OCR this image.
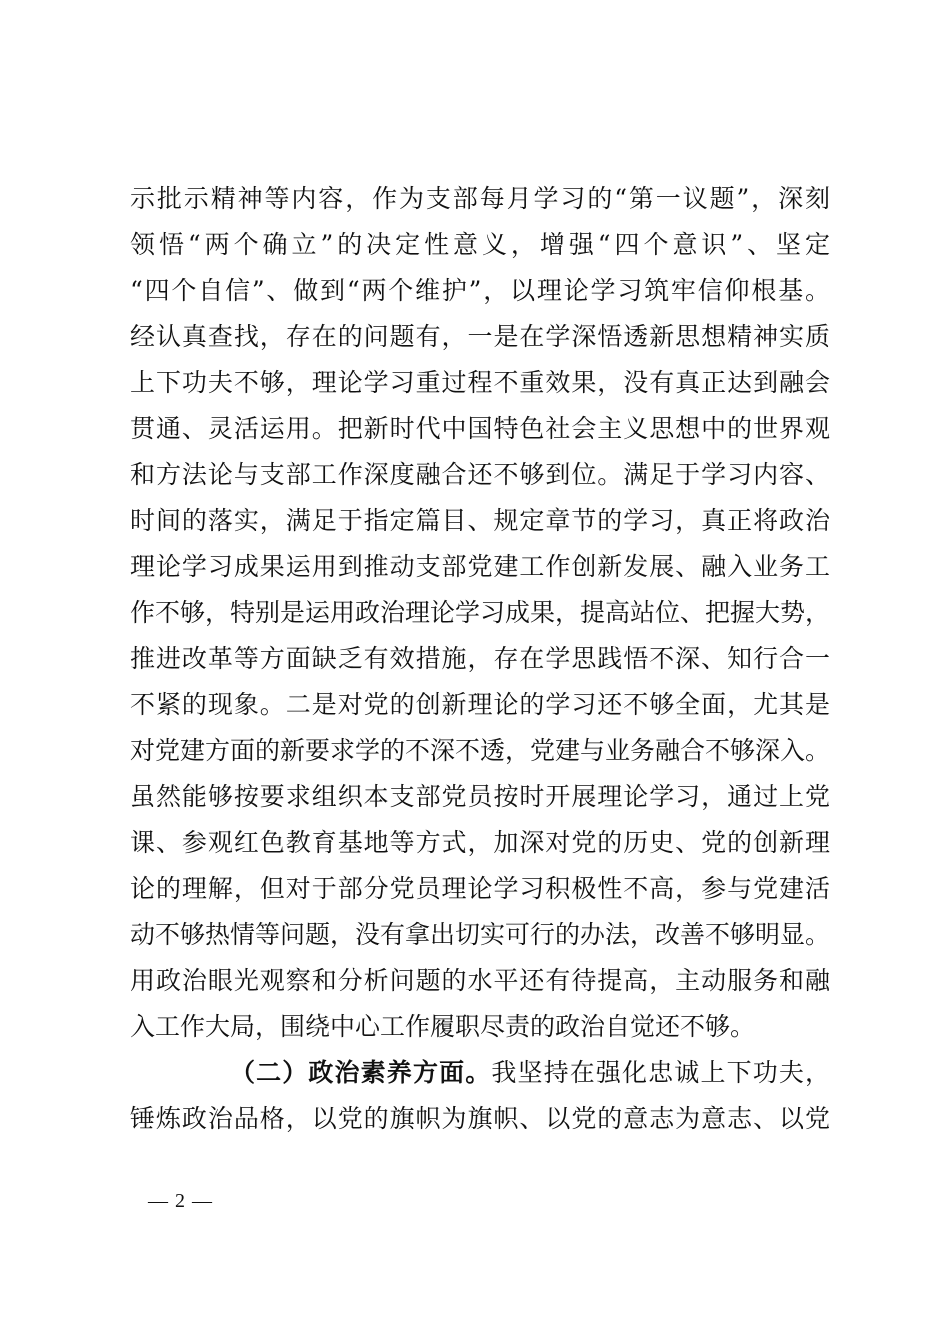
示批示精神等内容，作为支部每月学习的“第一议题”，深刻
领悟“两个确立”的决定性意义，增强“四个意识”、坚定
“四个自信”、做到“两个维护”，以理论学习筑牢信仰根基。
经认真查找，存在的问题有，一是在学深悟透新思想精神实质
上下功夫不够，理论学习重过程不重效果，没有真正达到融会
贯通、灵活运用。把新时代中国特色社会主义思想中的世界观
和方法论与支部工作深度融合还不够到位。满足于学习内容、
时间的落实，满足于指定篇目、规定章节的学习，真正将政治
理论学习成果运用到推动支部党建工作创新发展、融入业务工
作不够，特别是运用政治理论学习成果，提高站位、把握大势，
推进改革等方面缺乏有效措施，存在学思践悟不深、知行合一
不紧的现象。二是对党的创新理论的学习还不够全面，尤其是
对党建方面的新要求学的不深不透，党建与业务融合不够深入。
虽然能够按要求组织本支部党员按时开展理论学习，通过上党
课、参观红色教育基地等方式，加深对党的历史、党的创新理
论的理解，但对于部分党员理论学习积极性不高，参与党建活
动不够热情等问题，没有拿出切实可行的办法，改善不够明显。
用政治眼光观察和分析问题的水平还有待提高，主动服务和融
入工作大局，围绕中心工作履职尽责的政治自觉还不够。
（二）政治素养方面。我坚持在强化忠诚上下功夫，
锤炼政治品格，以党的旗帜为旗帜、以党的意志为意志、以党
— 2 —
